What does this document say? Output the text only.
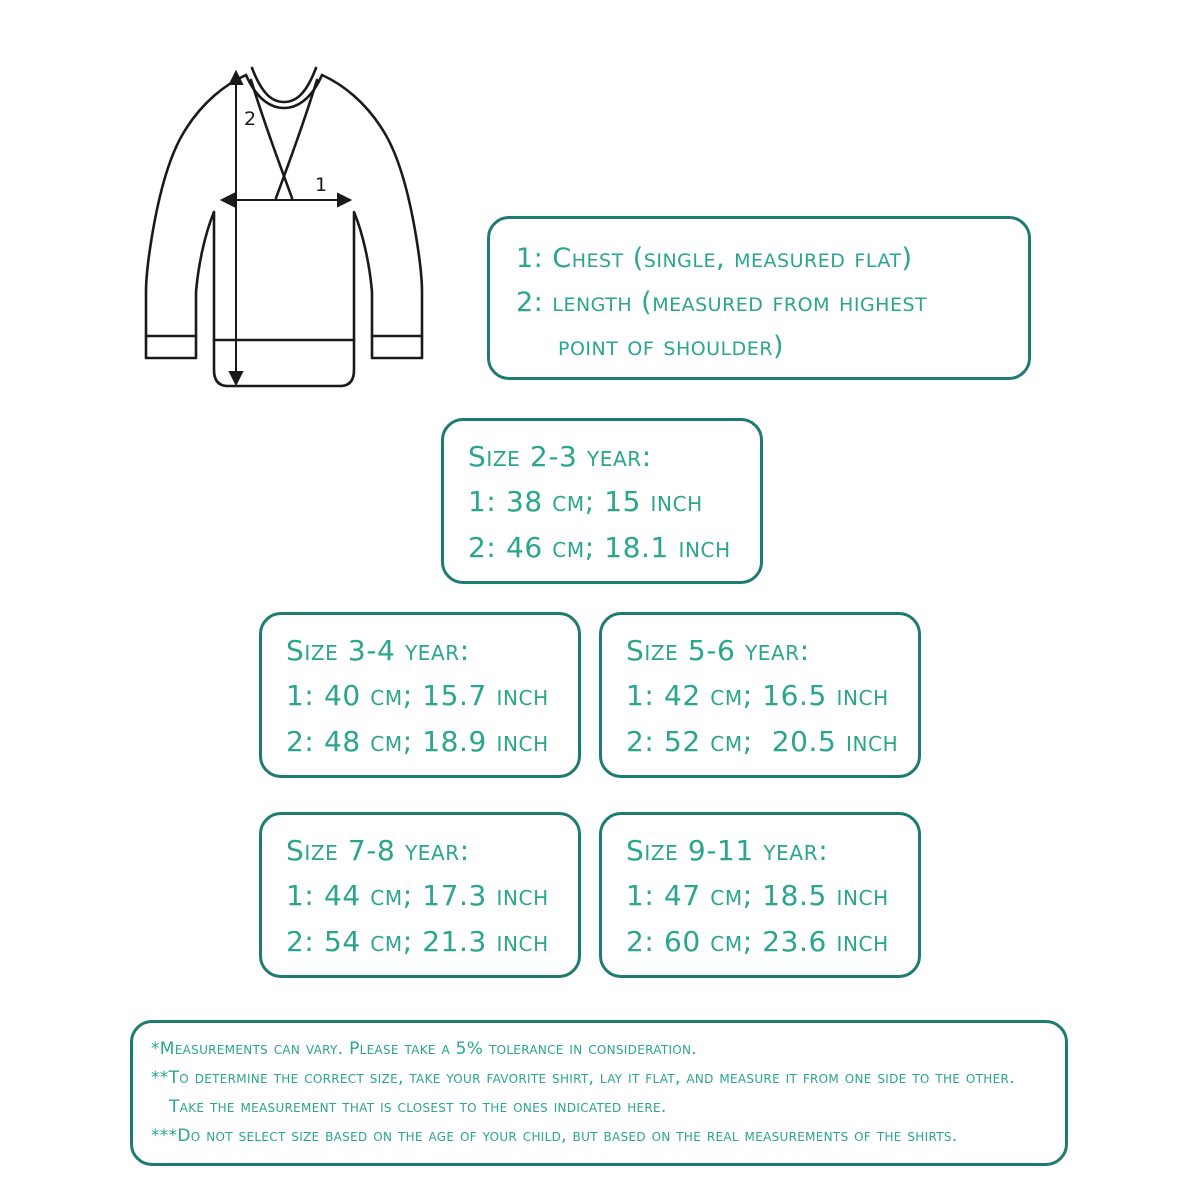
1
2
1: Chest (single, measured flat)
2: length (measured from highest
point of shoulder)
Size 2-3 year:
1: 38 cm; 15 inch
2: 46 cm; 18.1 inch
Size 3-4 year:
1: 40 cm; 15.7 inch
2: 48 cm; 18.9 inch
Size 5-6 year:
1: 42 cm; 16.5 inch
2: 52 cm;  20.5 inch
Size 7-8 year:
1: 44 cm; 17.3 inch
2: 54 cm; 21.3 inch
Size 9-11 year:
1: 47 cm; 18.5 inch
2: 60 cm; 23.6 inch
*Measurements can vary. Please take a 5% tolerance in consideration.
**To determine the correct size, take your favorite shirt, lay it flat, and measure it from one side to the other.
Take the measurement that is closest to the ones indicated here.
***Do not select size based on the age of your child, but based on the real measurements of the shirts.
